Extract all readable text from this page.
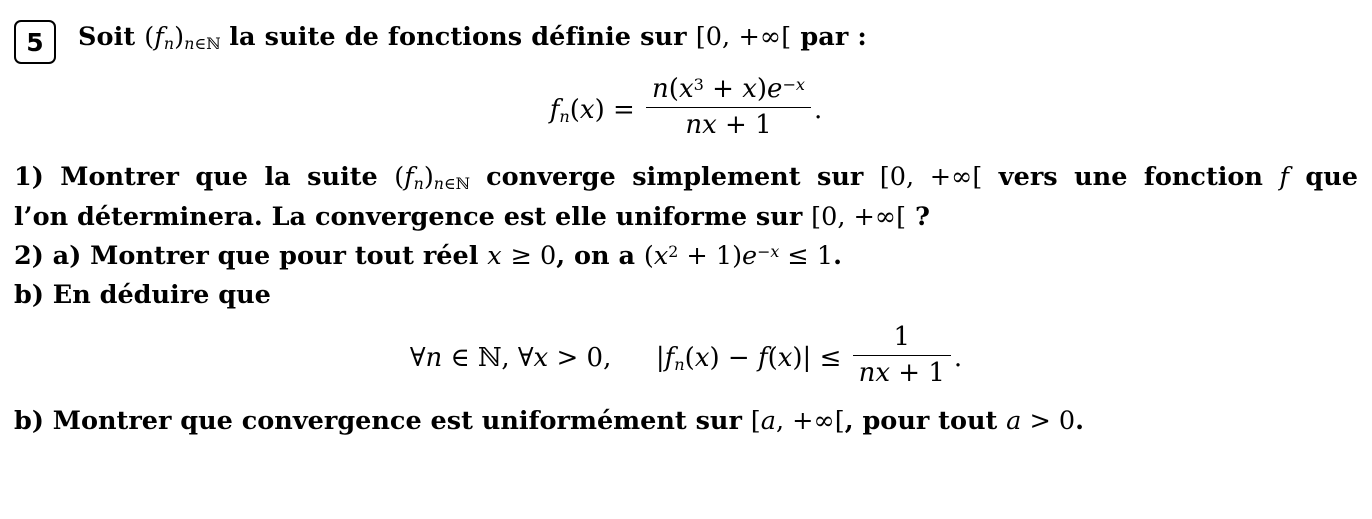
5	Soit $(f_n)_{n\in ℕ}$ la suite de fonctions définie sur [0, +∞[ par :
$f_n(x) = \frac{n(x^3 + x)e^{-x}}{nx + 1}$ .
1) Montrer que la suite $(f_n)_{n\in ℕ}$ converge simplement sur [0, +∞[ vers une fonction f que
l’on déterminera. La convergence est elle uniforme sur [0, +∞[ ?
2) a) Montrer que pour tout réel x ≥ 0, on a $(x^2 + 1)e^{-x} \le 1$.
b) En déduire que
∀n ∈ ℕ, ∀x > 0, $|f_n(x) - f(x)| \le \frac{1}{nx + 1}$ .
b) Montrer que convergence est uniformément sur [a, +∞[, pour tout a > 0.
